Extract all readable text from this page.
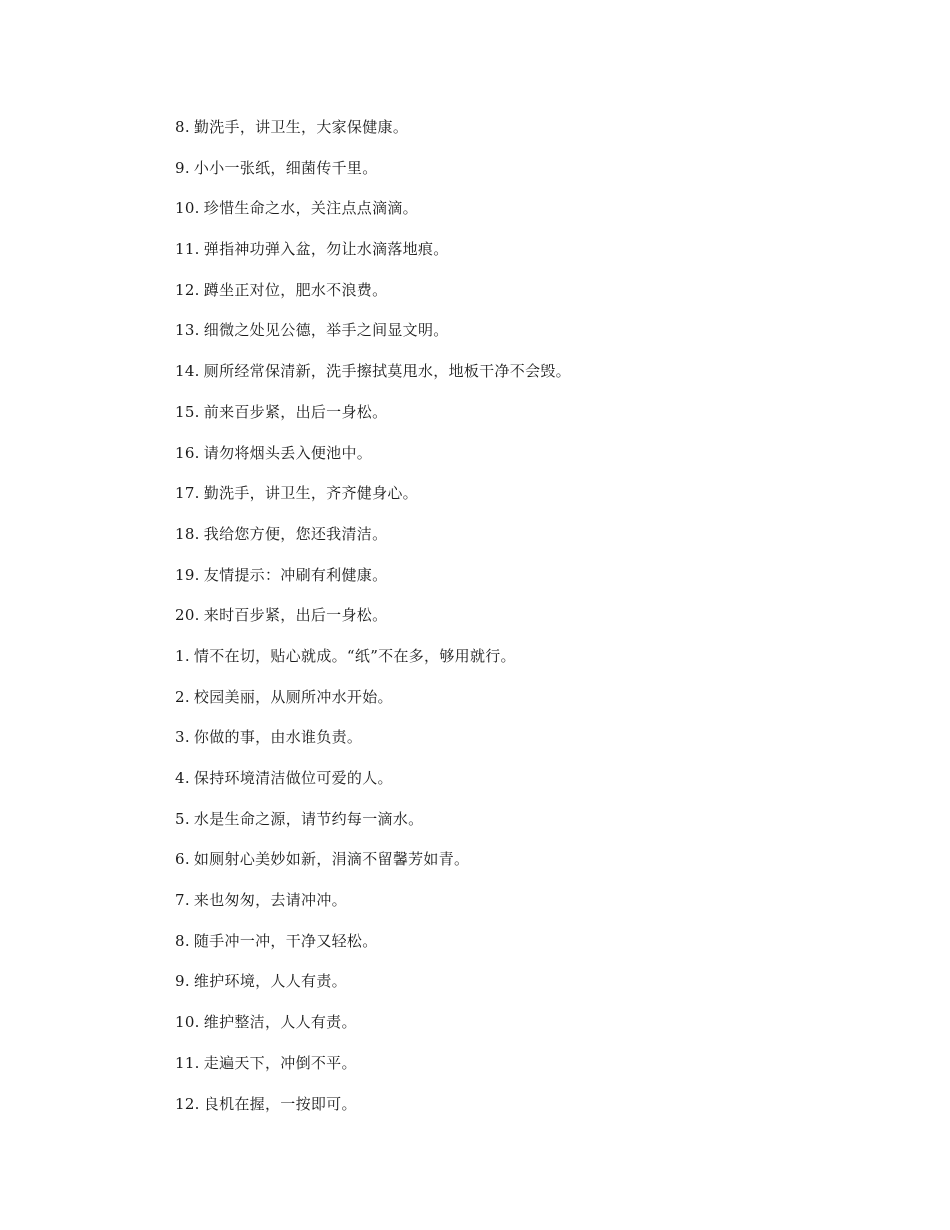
8. 勤洗手，讲卫生，大家保健康。
9. 小小一张纸，细菌传千里。
10. 珍惜生命之水，关注点点滴滴。
11. 弹指神功弹入盆，勿让水滴落地痕。
12. 蹲坐正对位，肥水不浪费。
13. 细微之处见公德，举手之间显文明。
14. 厕所经常保清新，洗手擦拭莫甩水，地板干净不会毁。
15. 前来百步紧，出后一身松。
16. 请勿将烟头丢入便池中。
17. 勤洗手，讲卫生，齐齐健身心。
18. 我给您方便，您还我清洁。
19. 友情提示：冲刷有利健康。
20. 来时百步紧，出后一身松。
1. 情不在切，贴心就成。“纸”不在多，够用就行。
2. 校园美丽，从厕所冲水开始。
3. 你做的事，由水谁负责。
4. 保持环境清洁做位可爱的人。
5. 水是生命之源，请节约每一滴水。
6. 如厕射心美妙如新，涓滴不留馨芳如青。
7. 来也匆匆，去请冲冲。
8. 随手冲一冲，干净又轻松。
9. 维护环境，人人有责。
10. 维护整洁，人人有责。
11. 走遍天下，冲倒不平。
12. 良机在握，一按即可。
